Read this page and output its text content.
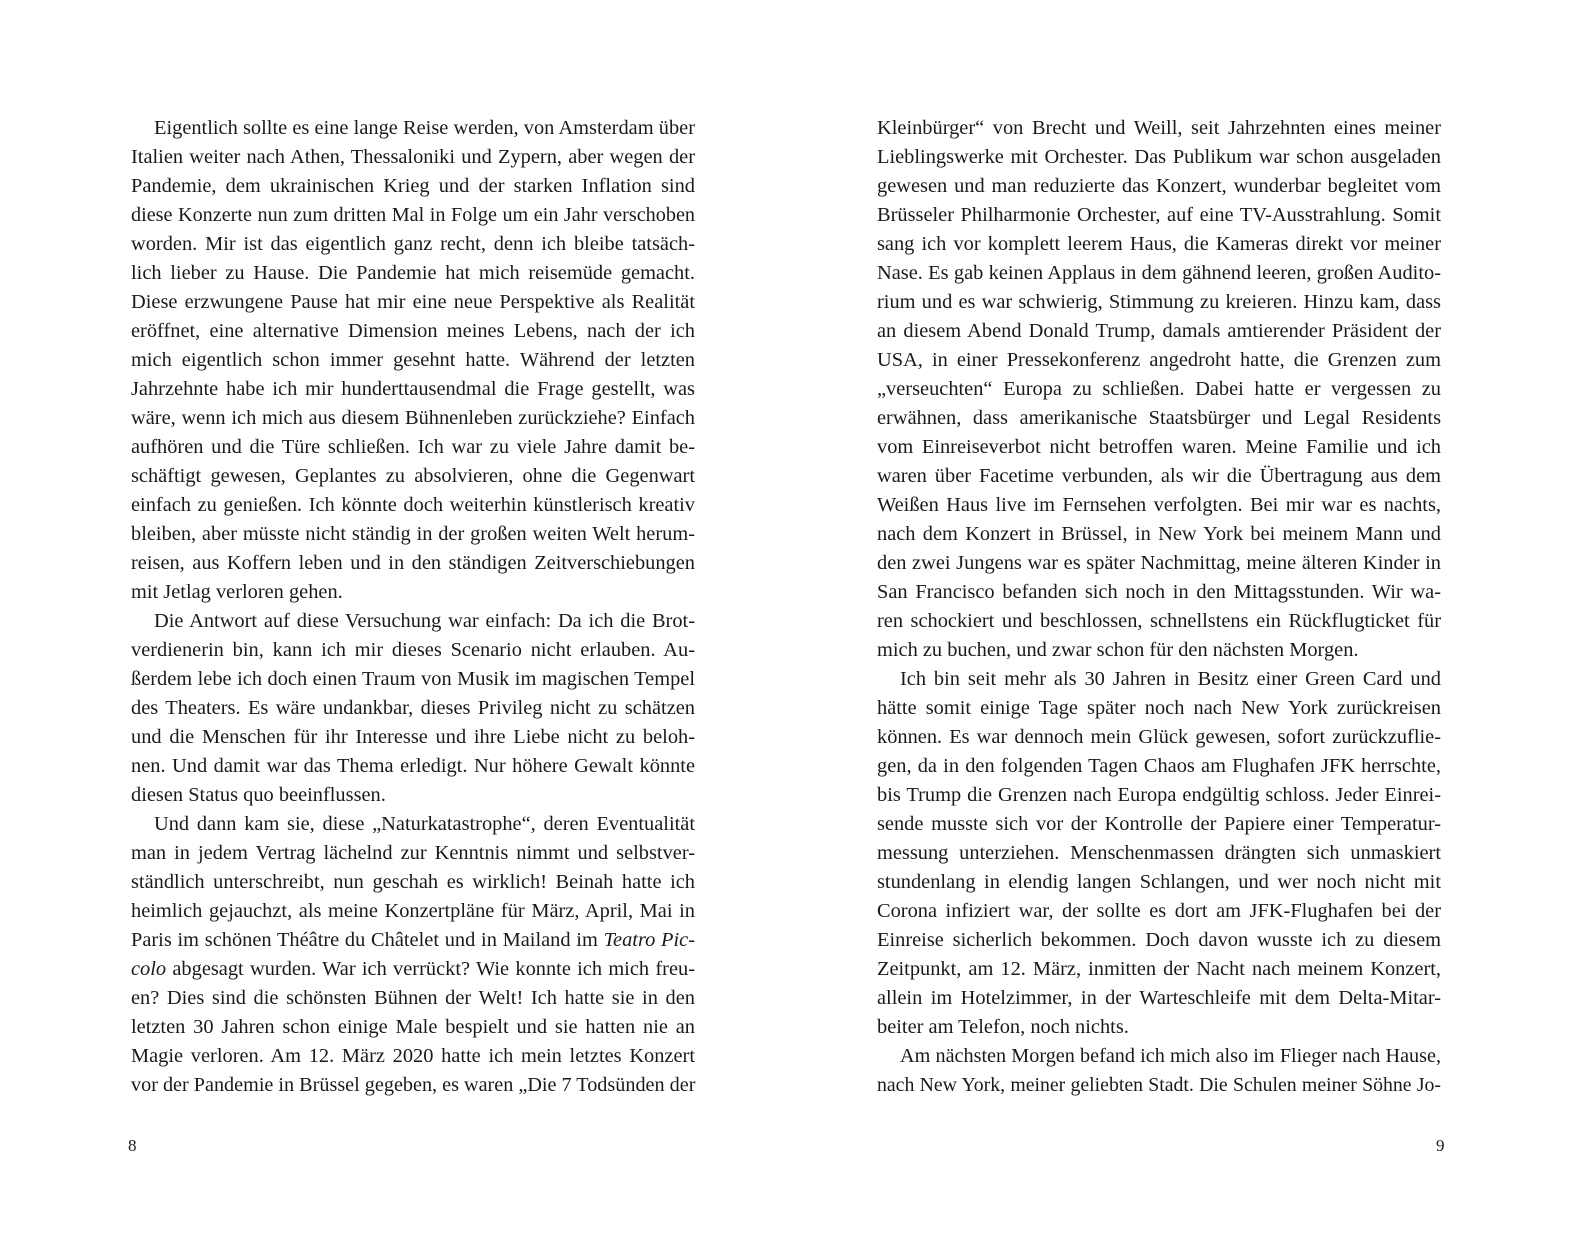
Eigentlich sollte es eine lange Reise werden, von Amsterdam über
Italien weiter nach Athen, Thessaloniki und Zypern, aber wegen der
Pandemie, dem ukrainischen Krieg und der starken Inflation sind
diese Konzerte nun zum dritten Mal in Folge um ein Jahr verschoben
worden. Mir ist das eigentlich ganz recht, denn ich bleibe tatsäch-
lich lieber zu Hause. Die Pandemie hat mich reisemüde gemacht.
Diese erzwungene Pause hat mir eine neue Perspektive als Realität
eröffnet, eine alternative Dimension meines Lebens, nach der ich
mich eigentlich schon immer gesehnt hatte. Während der letzten
Jahrzehnte habe ich mir hunderttausendmal die Frage gestellt, was
wäre, wenn ich mich aus diesem Bühnenleben zurückziehe? Einfach
aufhören und die Türe schließen. Ich war zu viele Jahre damit be-
schäftigt gewesen, Geplantes zu absolvieren, ohne die Gegenwart
einfach zu genießen. Ich könnte doch weiterhin künstlerisch kreativ
bleiben, aber müsste nicht ständig in der großen weiten Welt herum-
reisen, aus Koffern leben und in den ständigen Zeitverschiebungen
mit Jetlag verloren gehen.
Die Antwort auf diese Versuchung war einfach: Da ich die Brot-
verdienerin bin, kann ich mir dieses Scenario nicht erlauben. Au-
ßerdem lebe ich doch einen Traum von Musik im magischen Tempel
des Theaters. Es wäre undankbar, dieses Privileg nicht zu schätzen
und die Menschen für ihr Interesse und ihre Liebe nicht zu beloh-
nen. Und damit war das Thema erledigt. Nur höhere Gewalt könnte
diesen Status quo beeinflussen.
Und dann kam sie, diese „Naturkatastrophe“, deren Eventualität
man in jedem Vertrag lächelnd zur Kenntnis nimmt und selbstver-
ständlich unterschreibt, nun geschah es wirklich! Beinah hatte ich
heimlich gejauchzt, als meine Konzertpläne für März, April, Mai in
Paris im schönen Théâtre du Châtelet und in Mailand im Teatro Pic-
colo abgesagt wurden. War ich verrückt? Wie konnte ich mich freu-
en? Dies sind die schönsten Bühnen der Welt! Ich hatte sie in den
letzten 30 Jahren schon einige Male bespielt und sie hatten nie an
Magie verloren. Am 12. März 2020 hatte ich mein letztes Konzert
vor der Pandemie in Brüssel gegeben, es waren „Die 7 Todsünden der
8
Kleinbürger“ von Brecht und Weill, seit Jahrzehnten eines meiner
Lieblingswerke mit Orchester. Das Publikum war schon ausgeladen
gewesen und man reduzierte das Konzert, wunderbar begleitet vom
Brüsseler Philharmonie Orchester, auf eine TV-Ausstrahlung. Somit
sang ich vor komplett leerem Haus, die Kameras direkt vor meiner
Nase. Es gab keinen Applaus in dem gähnend leeren, großen Audito-
rium und es war schwierig, Stimmung zu kreieren. Hinzu kam, dass
an diesem Abend Donald Trump, damals amtierender Präsident der
USA, in einer Pressekonferenz angedroht hatte, die Grenzen zum
„verseuchten“ Europa zu schließen. Dabei hatte er vergessen zu
erwähnen, dass amerikanische Staatsbürger und Legal Residents
vom Einreiseverbot nicht betroffen waren. Meine Familie und ich
waren über Facetime verbunden, als wir die Übertragung aus dem
Weißen Haus live im Fernsehen verfolgten. Bei mir war es nachts,
nach dem Konzert in Brüssel, in New York bei meinem Mann und
den zwei Jungens war es später Nachmittag, meine älteren Kinder in
San Francisco befanden sich noch in den Mittagsstunden. Wir wa-
ren schockiert und beschlossen, schnellstens ein Rückflugticket für
mich zu buchen, und zwar schon für den nächsten Morgen.
Ich bin seit mehr als 30 Jahren in Besitz einer Green Card und
hätte somit einige Tage später noch nach New York zurückreisen
können. Es war dennoch mein Glück gewesen, sofort zurückzuflie-
gen, da in den folgenden Tagen Chaos am Flughafen JFK herrschte,
bis Trump die Grenzen nach Europa endgültig schloss. Jeder Einrei-
sende musste sich vor der Kontrolle der Papiere einer Temperatur-
messung unterziehen. Menschenmassen drängten sich unmaskiert
stundenlang in elendig langen Schlangen, und wer noch nicht mit
Corona infiziert war, der sollte es dort am JFK-Flughafen bei der
Einreise sicherlich bekommen. Doch davon wusste ich zu diesem
Zeitpunkt, am 12. März, inmitten der Nacht nach meinem Konzert,
allein im Hotelzimmer, in der Warteschleife mit dem Delta-Mitar-
beiter am Telefon, noch nichts.
Am nächsten Morgen befand ich mich also im Flieger nach Hause,
nach New York, meiner geliebten Stadt. Die Schulen meiner Söhne Jo-
9
